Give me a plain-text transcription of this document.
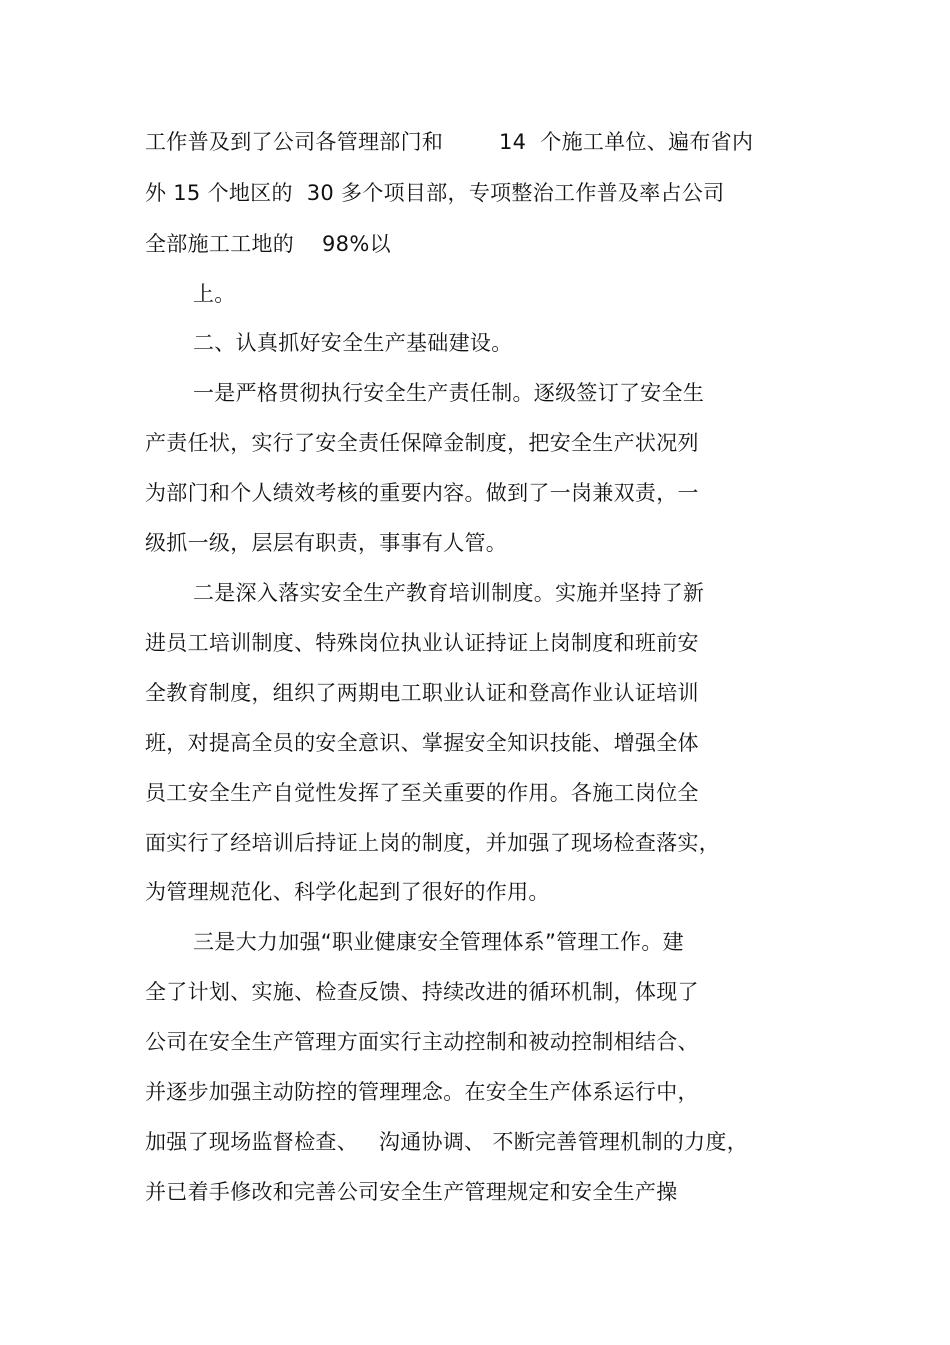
工作普及到了公司各管理部门和        14  个施工单位、遍布省内
外 15 个地区的  30 多个项目部，专项整治工作普及率占公司
全部施工工地的    98%以
上。
二、认真抓好安全生产基础建设。
一是严格贯彻执行安全生产责任制。逐级签订了安全生
产责任状，实行了安全责任保障金制度，把安全生产状况列
为部门和个人绩效考核的重要内容。做到了一岗兼双责，一
级抓一级，层层有职责，事事有人管。
二是深入落实安全生产教育培训制度。实施并坚持了新
进员工培训制度、特殊岗位执业认证持证上岗制度和班前安
全教育制度，组织了两期电工职业认证和登高作业认证培训
班，对提高全员的安全意识、掌握安全知识技能、增强全体
员工安全生产自觉性发挥了至关重要的作用。各施工岗位全
面实行了经培训后持证上岗的制度，并加强了现场检查落实，
为管理规范化、科学化起到了很好的作用。
三是大力加强“职业健康安全管理体系”管理工作。建
全了计划、实施、检查反馈、持续改进的循环机制，体现了
公司在安全生产管理方面实行主动控制和被动控制相结合、
并逐步加强主动防控的管理理念。在安全生产体系运行中，
加强了现场监督检查、   沟通协调、 不断完善管理机制的力度，
并已着手修改和完善公司安全生产管理规定和安全生产操
